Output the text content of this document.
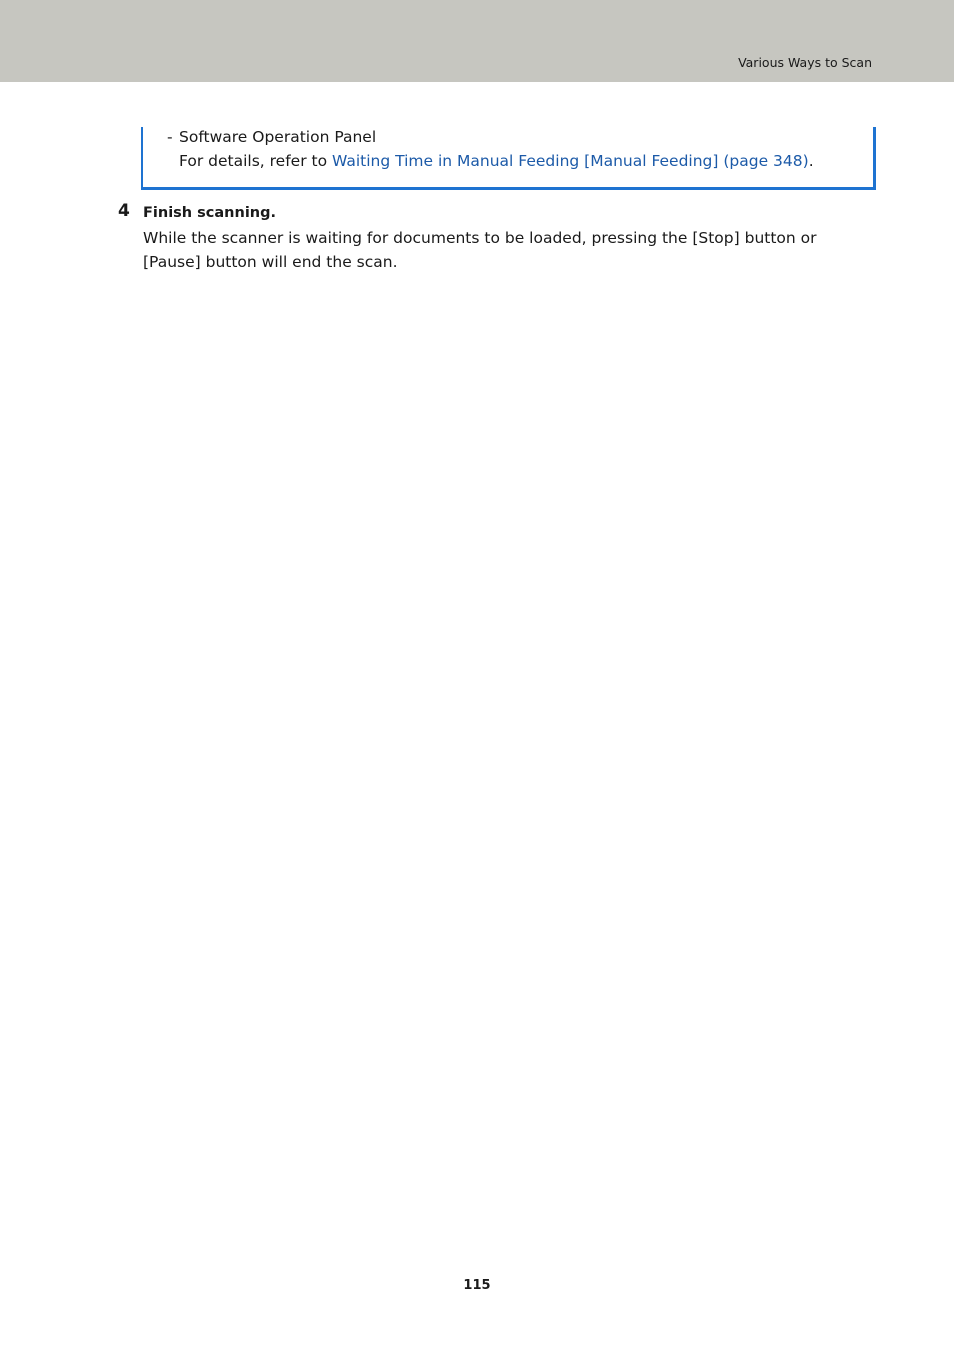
Various Ways to Scan
- Software Operation Panel
For details, refer to Waiting Time in Manual Feeding [Manual Feeding] (page 348).
4 Finish scanning.
While the scanner is waiting for documents to be loaded, pressing the [Stop] button or [Pause] button will end the scan.
115
